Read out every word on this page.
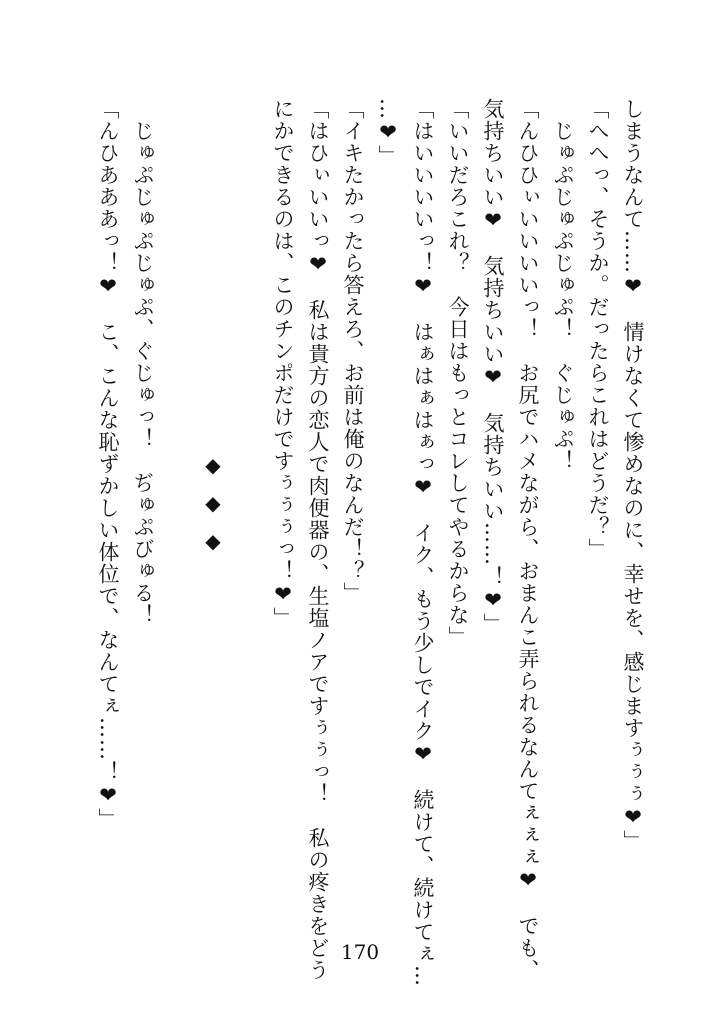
しまうなんて……❤　情けなくて惨めなのに、幸せを、感じますぅぅぅ❤」
「へへっ、そうか。だったらこれはどうだ？」
　じゅぷじゅぷじゅぷ！　ぐじゅぷ！
「んひひぃいいいいっ！　お尻でハメながら、おまんこ弄られるなんてぇぇぇ❤　でも、
気持ちいい❤　気持ちいい❤　気持ちいい……！❤」
「いいだろこれ？　今日はもっとコレしてやるからな」
「はいいいいっ！❤　はぁはぁはぁっ❤　イク、もう少しでイク❤　続けて、続けてぇ…
…❤」
「イキたかったら答えろ、お前は俺のなんだ！？」
「はひぃいいっ❤　私は貴方の恋人で肉便器の、生塩ノアですぅぅっ！　私の疼きをどう
にかできるのは、このチンポだけですぅぅぅっ！❤」

◆◆◆

　じゅぷじゅぷじゅぷ、ぐじゅっ！　ぢゅぷびゅる！
「んひあああっ！❤　こ、こんな恥ずかしい体位で、なんてぇ……！❤」
170
